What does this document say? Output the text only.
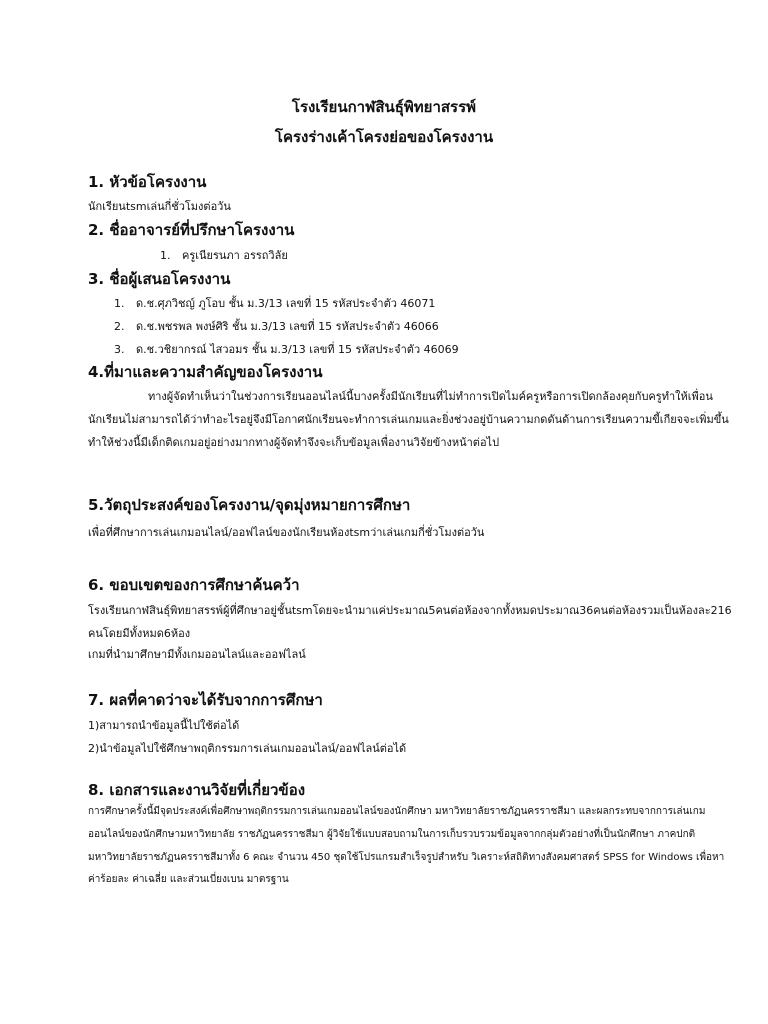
โรงเรียนกาฬสินธุ์พิทยาสรรพ์
โครงร่างเค้าโครงย่อของโครงงาน
1. หัวข้อโครงงาน
นักเรียนtsmเล่นกี่ชั่วโมงต่อวัน
2. ชื่ออาจารย์ที่ปรึกษาโครงงาน
1. ครูเนียรนภา อรรถวิลัย
3. ชื่อผู้เสนอโครงงาน
1. ด.ช.ศุภวิชญ์ ภูโอบ ชั้น ม.3/13 เลขที่ 15 รหัสประจำตัว 46071
2. ด.ช.พชรพล พงษ์ศิริ ชั้น ม.3/13 เลขที่ 15 รหัสประจำตัว 46066
3. ด.ช.วชิยากรณ์ ไสวอมร ชั้น ม.3/13 เลขที่ 15 รหัสประจำตัว 46069
4.ที่มาและความสำคัญของโครงงาน
ทางผู้จัดทำเห็นว่าในช่วงการเรียนออนไลน์นี้บางครั้งมีนักเรียนที่ไม่ทำการเปิดไมค์ครูหรือการเปิดกล้องคุยกับครูทำให้เพื่อน
นักเรียนไม่สามารถได้ว่าทำอะไรอยู่จึงมีโอกาศนักเรียนจะทำการเล่นเกมและยิ่งช่วงอยู่บ้านความกดดันด้านการเรียนความขี้เกียจจะเพิ่มขึ้น
ทำให้ช่วงนี้มีเด็กติดเกมอยู่อย่างมากทางผู้จัดทำจึงจะเก็บข้อมูลเพื่องานวิจัยข้างหน้าต่อไป
5.วัตถุประสงค์ของโครงงาน/จุดมุ่งหมายการศึกษา
เพื่อที่ศึกษาการเล่นเกมอนไลน์/ออฟไลน์ของนักเรียนห้องtsmว่าเล่นเกมกี่ชั่วโมงต่อวัน
6. ขอบเขตของการศึกษาค้นคว้า
โรงเรียนกาฬสินธุ์พิทยาสรรพ์ผู้ที่ศึกษาอยู่ชั้นtsmโดยจะนำมาแค่ประมาณ5คนต่อห้องจากทั้งหมดประมาณ36คนต่อห้องรวมเป็นห้องละ216
คนโดยมีทั้งหมด6ห้อง
เกมที่นำมาศึกษามีทั้งเกมออนไลน์และออฟไลน์
7. ผลที่คาดว่าจะได้รับจากการศึกษา
1)สามารถนำข้อมูลนี้ไปใช้ต่อได้
2)นำข้อมูลไปใช้ศึกษาพฤติกรรมการเล่นเกมออนไลน์/ออฟไลน์ต่อได้
8. เอกสารและงานวิจัยที่เกี่ยวข้อง
การศึกษาครั้งนี้มีจุดประสงค์เพื่อศึกษาพฤติกรรมการเล่นเกมออนไลน์ของนักศึกษา มหาวิทยาลัยราชภัฏนครราชสีมา และผลกระทบจากการเล่นเกม
ออนไลน์ของนักศึกษามหาวิทยาลัย ราชภัฏนครราชสีมา ผู้วิจัยใช้แบบสอบถามในการเก็บรวบรวมข้อมูลจากกลุ่มตัวอย่างที่เป็นนักศึกษา ภาคปกติ
มหาวิทยาลัยราชภัฏนครราชสีมาทั้ง 6 คณะ จำนวน 450 ชุดใช้โปรแกรมสำเร็จรูปสำหรับ วิเคราะห์สถิติทางสังคมศาสตร์ SPSS for Windows เพื่อหา
ค่าร้อยละ ค่าเฉลี่ย และส่วนเบี่ยงเบน มาตรฐาน
